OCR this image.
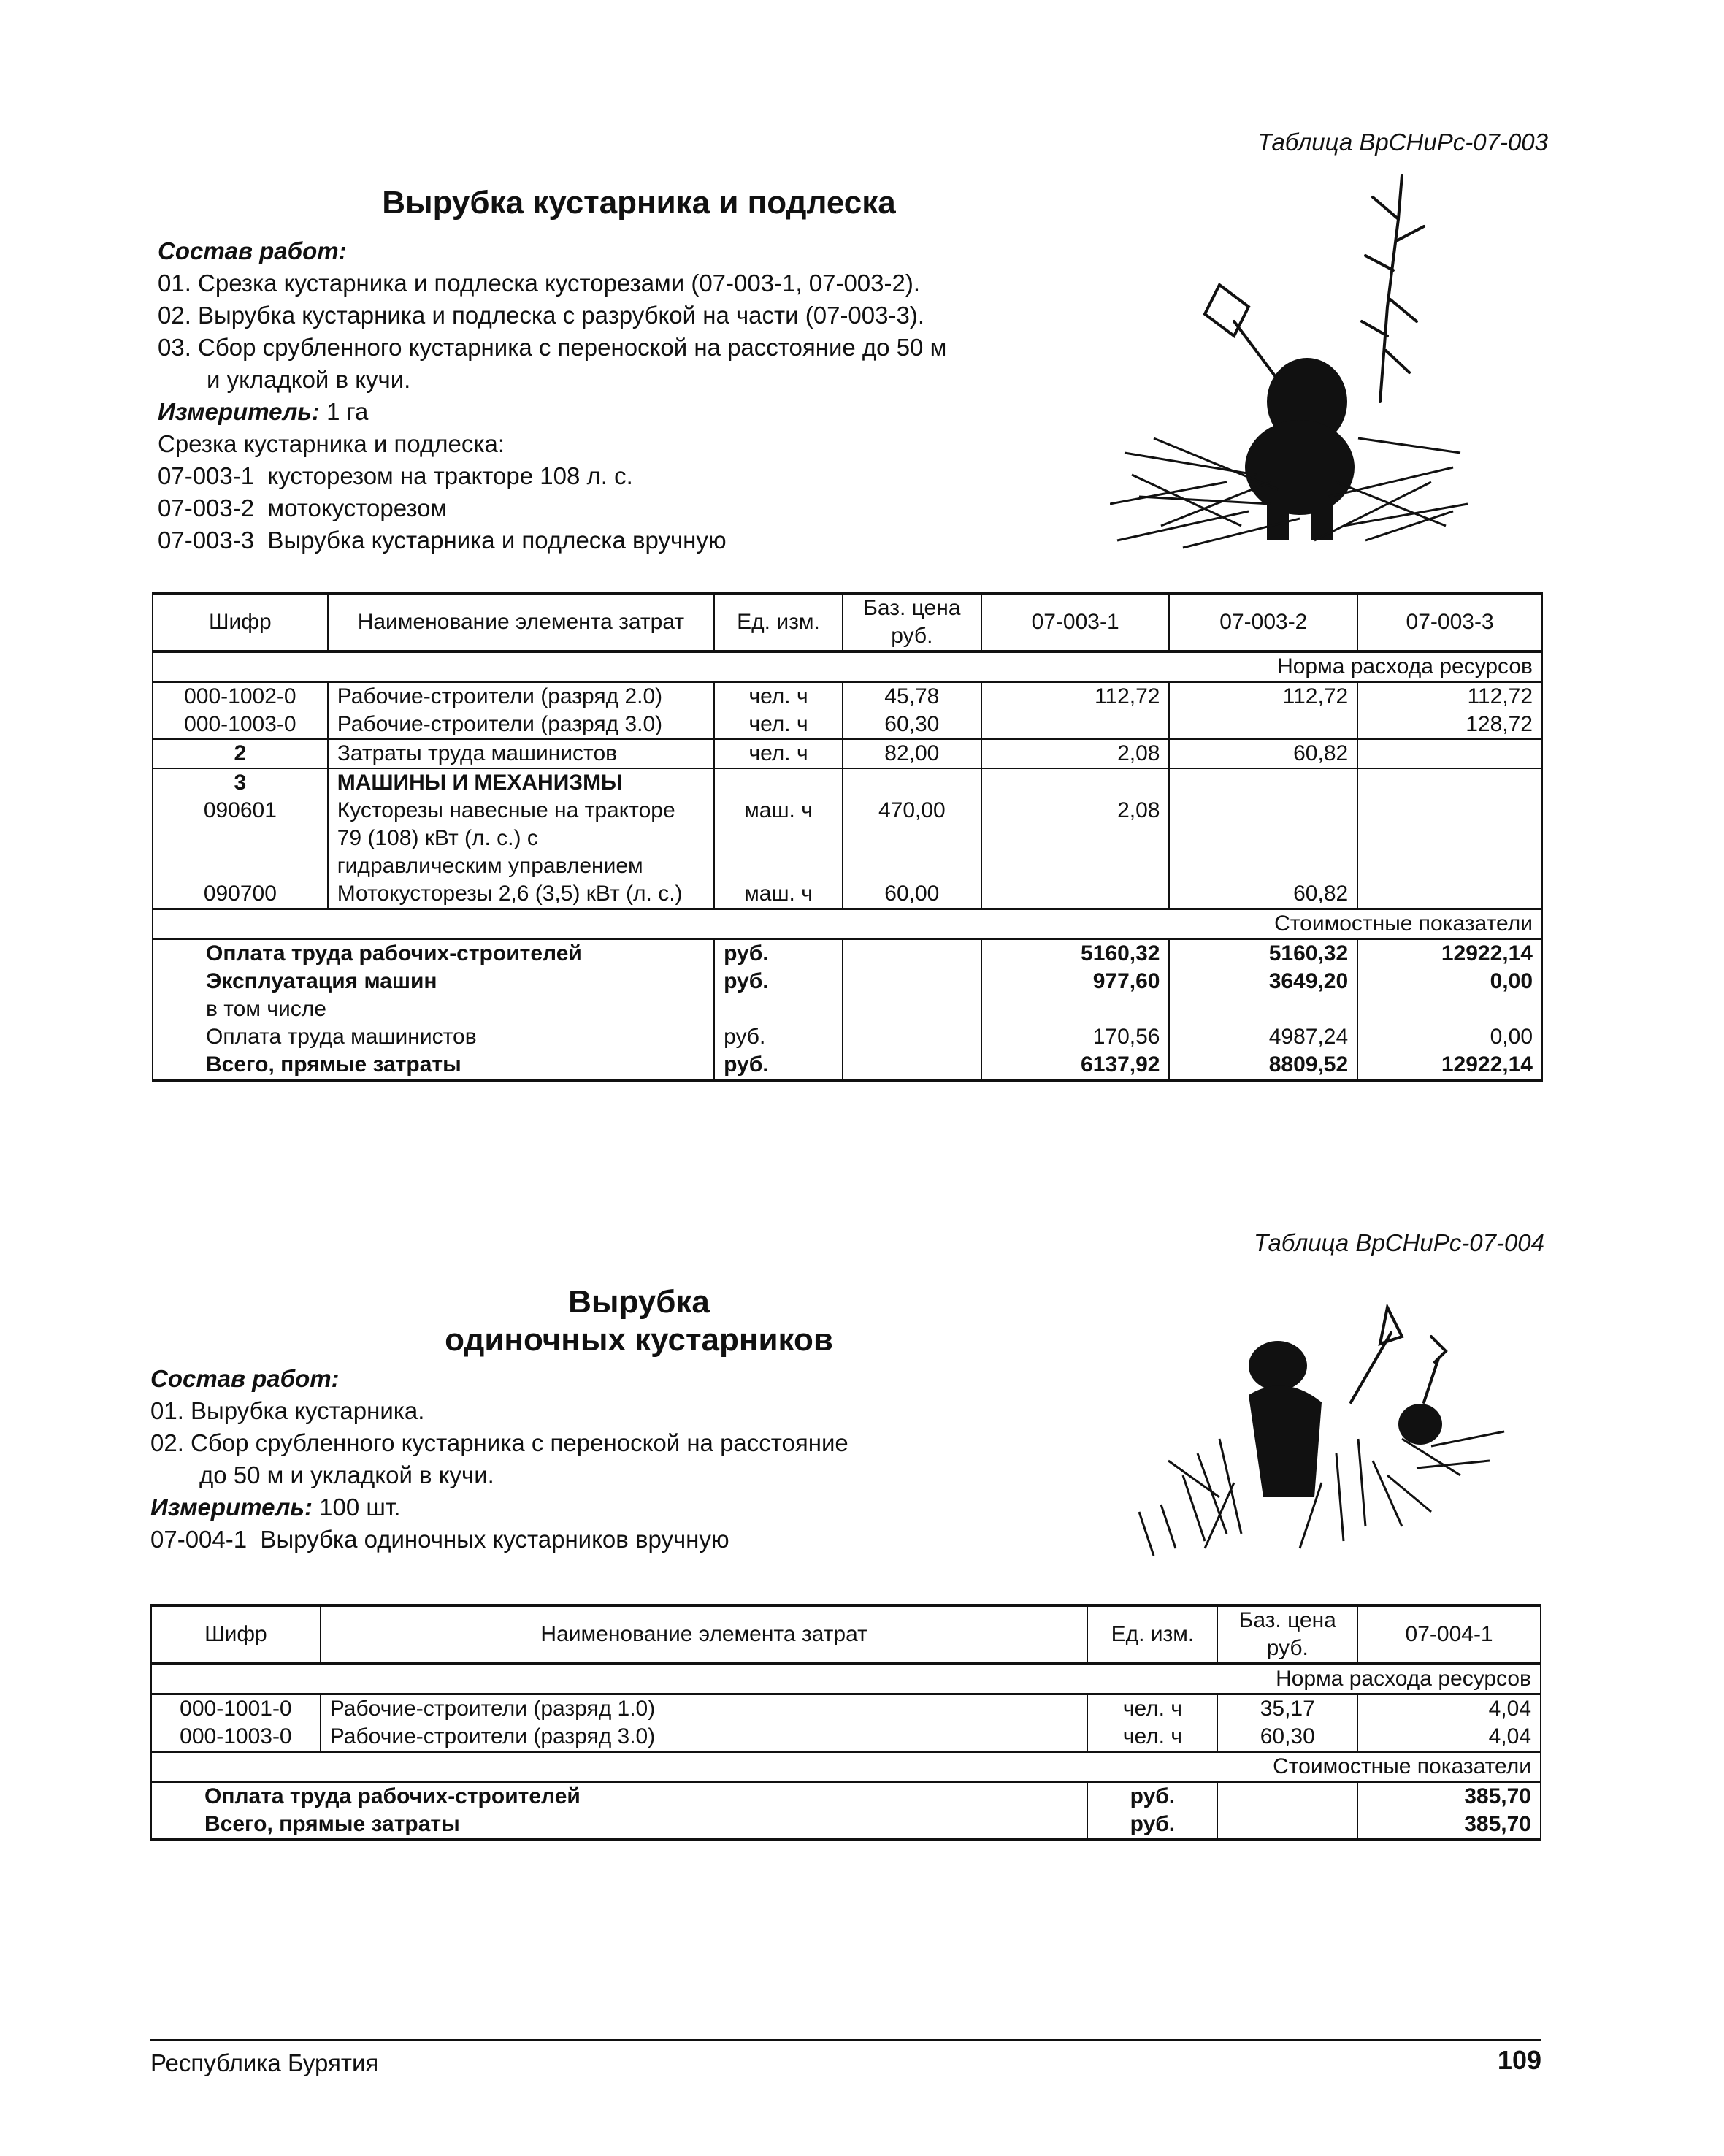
Таблица ВрСНиРс-07-003
Вырубка кустарника и подлеска
Состав работ:
01. Срезка кустарника и подлеска кусторезами (07-003-1, 07-003-2).
02. Вырубка кустарника и подлеска с разрубкой на части (07-003-3).
03. Сбор срубленного кустарника с переноской на расстояние до 50 м
и укладкой в кучи.
Измеритель: 1 га
Срезка кустарника и подлеска:
07-003-1  кусторезом на тракторе 108 л. с.
07-003-2  мотокусторезом
07-003-3  Вырубка кустарника и подлеска вручную
Шифр	Наименование элемента затрат	Ед. изм.	Баз. цена руб.	07-003-1	07-003-2	07-003-3
Норма расхода ресурсов						
000-1002-0	Рабочие-строители (разряд 2.0)	чел. ч	45,78	112,72	112,72	112,72
000-1003-0	Рабочие-строители (разряд 3.0)	чел. ч	60,30			128,72
2	Затраты труда машинистов	чел. ч	82,00	2,08	60,82	
3	МАШИНЫ И МЕХАНИЗМЫ					
090601	Кусторезы навесные на тракторе 79 (108) кВт (л. с.) с гидравлическим управлением	маш. ч	470,00	2,08		
090700	Мотокусторезы 2,6 (3,5) кВт (л. с.)	маш. ч	60,00		60,82	
Стоимостные показатели						
Оплата труда рабочих-строителей		руб.		5160,32	5160,32	12922,14
Эксплуатация машин		руб.		977,60	3649,20	0,00
в том числе						
Оплата труда машинистов		руб.		170,56	4987,24	0,00
Всего, прямые затраты		руб.		6137,92	8809,52	12922,14
Таблица ВрСНиРс-07-004
Вырубка
одиночных кустарников
Состав работ:
01. Вырубка кустарника.
02. Сбор срубленного кустарника с переноской на расстояние
до 50 м и укладкой в кучи.
Измеритель: 100 шт.
07-004-1  Вырубка одиночных кустарников вручную
Шифр	Наименование элемента затрат	Ед. изм.	Баз. цена руб.	07-004-1
Норма расхода ресурсов				
000-1001-0	Рабочие-строители (разряд 1.0)	чел. ч	35,17	4,04
000-1003-0	Рабочие-строители (разряд 3.0)	чел. ч	60,30	4,04
Стоимостные показатели				
Оплата труда рабочих-строителей		руб.		385,70
Всего, прямые затраты		руб.		385,70
Республика Бурятия	109
